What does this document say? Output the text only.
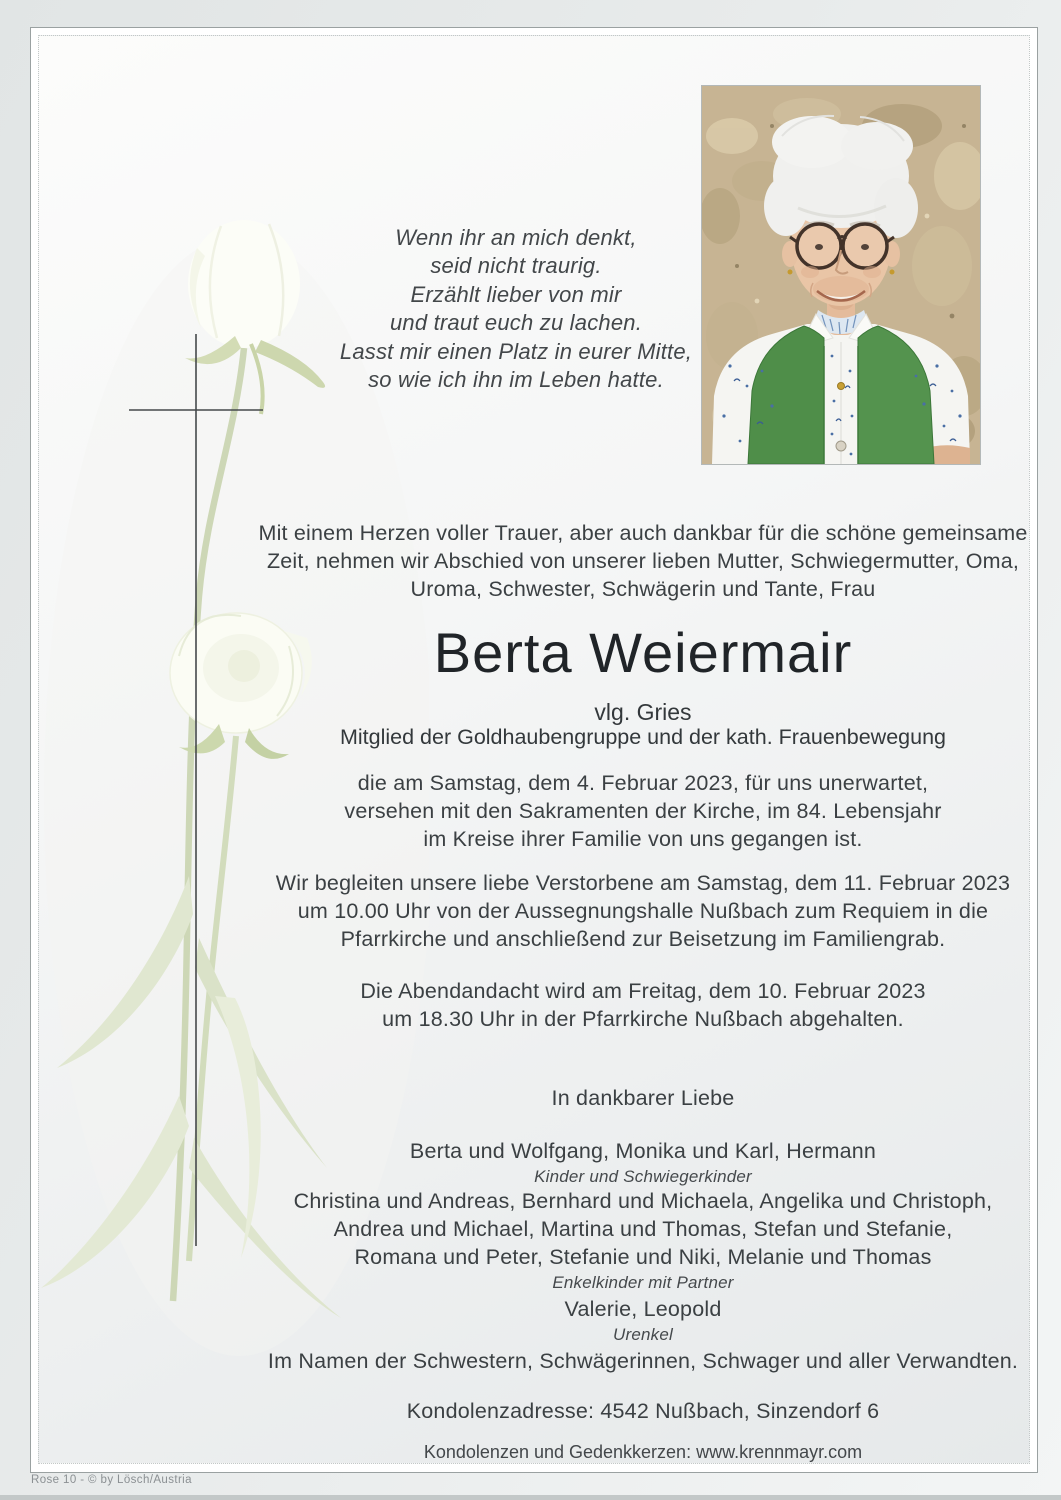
Wenn ihr an mich denkt,
seid nicht traurig.
Erzählt lieber von mir
und traut euch zu lachen.
Lasst mir einen Platz in eurer Mitte,
so wie ich ihn im Leben hatte.
Mit einem Herzen voller Trauer, aber auch dankbar für die schöne gemeinsame
Zeit, nehmen wir Abschied von unserer lieben Mutter, Schwiegermutter, Oma,
Uroma, Schwester, Schwägerin und Tante, Frau
Berta Weiermair
vlg. Gries
Mitglied der Goldhaubengruppe und der kath. Frauenbewegung
die am Samstag, dem 4. Februar 2023, für uns unerwartet,
versehen mit den Sakramenten der Kirche, im 84. Lebensjahr
im Kreise ihrer Familie von uns gegangen ist.
Wir begleiten unsere liebe Verstorbene am Samstag, dem 11. Februar 2023
um 10.00 Uhr von der Aussegnungshalle Nußbach zum Requiem in die
Pfarrkirche und anschließend zur Beisetzung im Familiengrab.
Die Abendandacht wird am Freitag, dem 10. Februar 2023
um 18.30 Uhr in der Pfarrkirche Nußbach abgehalten.
In dankbarer Liebe
Berta und Wolfgang, Monika und Karl, Hermann
Kinder und Schwiegerkinder
Christina und Andreas, Bernhard und Michaela, Angelika und Christoph,
Andrea und Michael, Martina und Thomas, Stefan und Stefanie,
Romana und Peter, Stefanie und Niki, Melanie und Thomas
Enkelkinder mit Partner
Valerie, Leopold
Urenkel
Im Namen der Schwestern, Schwägerinnen, Schwager und aller Verwandten.
Kondolenzadresse: 4542 Nußbach, Sinzendorf 6
Kondolenzen und Gedenkkerzen: www.krennmayr.com
Rose 10 - © by Lösch/Austria
